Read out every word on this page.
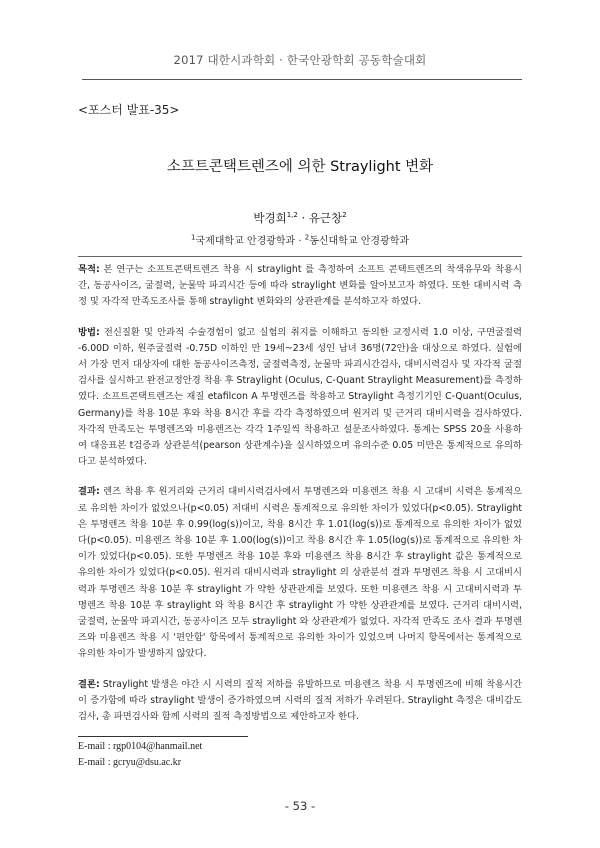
2017 대한시과학회 · 한국안광학회 공동학술대회
<포스터 발표-35>
소프트콘택트렌즈에 의한 Straylight 변화
박경희$^{1,2}$ · 유근창$^2$
$^1$국제대학교 안경광학과 · $^2$동신대학교 안경광학과

목적: 본 연구는 소프트콘택트렌즈 착용 시 straylight 를 측정하여 소프트 콘택트렌즈의 착색유무와 착용시간, 동공사이즈, 굴절력, 눈물막 파괴시간 등에 따라 straylight 변화를 알아보고자 하였다. 또한 대비시력 측정 및 자각적 만족도조사를 통해 straylight 변화와의 상관관계를 분석하고자 하였다.

방법: 전신질환 및 안과적 수술경험이 없고 실험의 취지를 이해하고 동의한 교정시력 1.0 이상, 구면굴절력 -6.00D 이하, 원주굴절력 -0.75D 이하인 만 19세~23세 성인 남녀 36명(72안)을 대상으로 하였다. 실험에서 가장 먼저 대상자에 대한 동공사이즈측정, 굴절력측정, 눈물막 파괴시간검사, 대비시력검사 및 자각적 굴절검사를 실시하고 완전교정안경 착용 후 Straylight (Oculus, C-Quant Straylight Measurement)를 측정하였다. 소프트콘택트렌즈는 재질 etafilcon A 투명렌즈를 착용하고 Straylight 측정기기인 C-Quant(Oculus, Germany)를 착용 10분 후와 착용 8시간 후를 각각 측정하였으며 원거리 및 근거리 대비시력을 검사하였다. 자각적 만족도는 투명렌즈와 미용렌즈는 각각 1주일씩 착용하고 설문조사하였다. 통계는 SPSS 20을 사용하여 대응표본 t검증과 상관분석(pearson 상관계수)을 실시하였으며 유의수준 0.05 미만은 통계적으로 유의하다고 분석하였다.

결과: 렌즈 착용 후 원거리와 근거리 대비시력검사에서 투명렌즈와 미용렌즈 착용 시 고대비 시력은 통계적으로 유의한 차이가 없었으나(p<0.05) 저대비 시력은 통계적으로 유의한 차이가 있었다(p<0.05). Straylight은 투명렌즈 착용 10분 후 0.99(log(s))이고, 착용 8시간 후 1.01(log(s))로 통계적으로 유의한 차이가 없었다(p<0.05). 미용렌즈 착용 10분 후 1.00(log(s))이고 착용 8시간 후 1.05(log(s))로 통계적으로 유의한 차이가 있었다(p<0.05). 또한 투명렌즈 착용 10분 후와 미용렌즈 착용 8시간 후 straylight 값은 통계적으로 유의한 차이가 있었다(p<0.05). 원거리 대비시력과 straylight 의 상관분석 결과 투명렌즈 착용 시 고대비시력과 투명렌즈 착용 10분 후 straylight 가 약한 상관관계를 보였다. 또한 미용렌즈 착용 시 고대비시력과 투명렌즈 착용 10분 후 straylight 와 착용 8시간 후 straylight 가 약한 상관관계를 보였다. 근거리 대비시력, 굴절력, 눈물막 파괴시간, 동공사이즈 모두 straylight 와 상관관계가 없었다. 자각적 만족도 조사 결과 투명렌즈와 미용렌즈 착용 시 '편안함' 항목에서 통계적으로 유의한 차이가 있었으며 나머지 항목에서는 통계적으로 유의한 차이가 발생하지 않았다.

결론: Straylight 발생은 야간 시 시력의 질적 저하를 유발하므로 미용렌즈 착용 시 투명렌즈에 비해 착용시간이 증가함에 따라 straylight 발생이 증가하였으며 시력의 질적 저하가 우려된다. Straylight 측정은 대비감도검사, 총 파면검사와 함께 시력의 질적 측정방법으로 제안하고자 한다.

E-mail : rgp0104@hanmail.net
E-mail : gcryu@dsu.ac.kr
- 53 -
